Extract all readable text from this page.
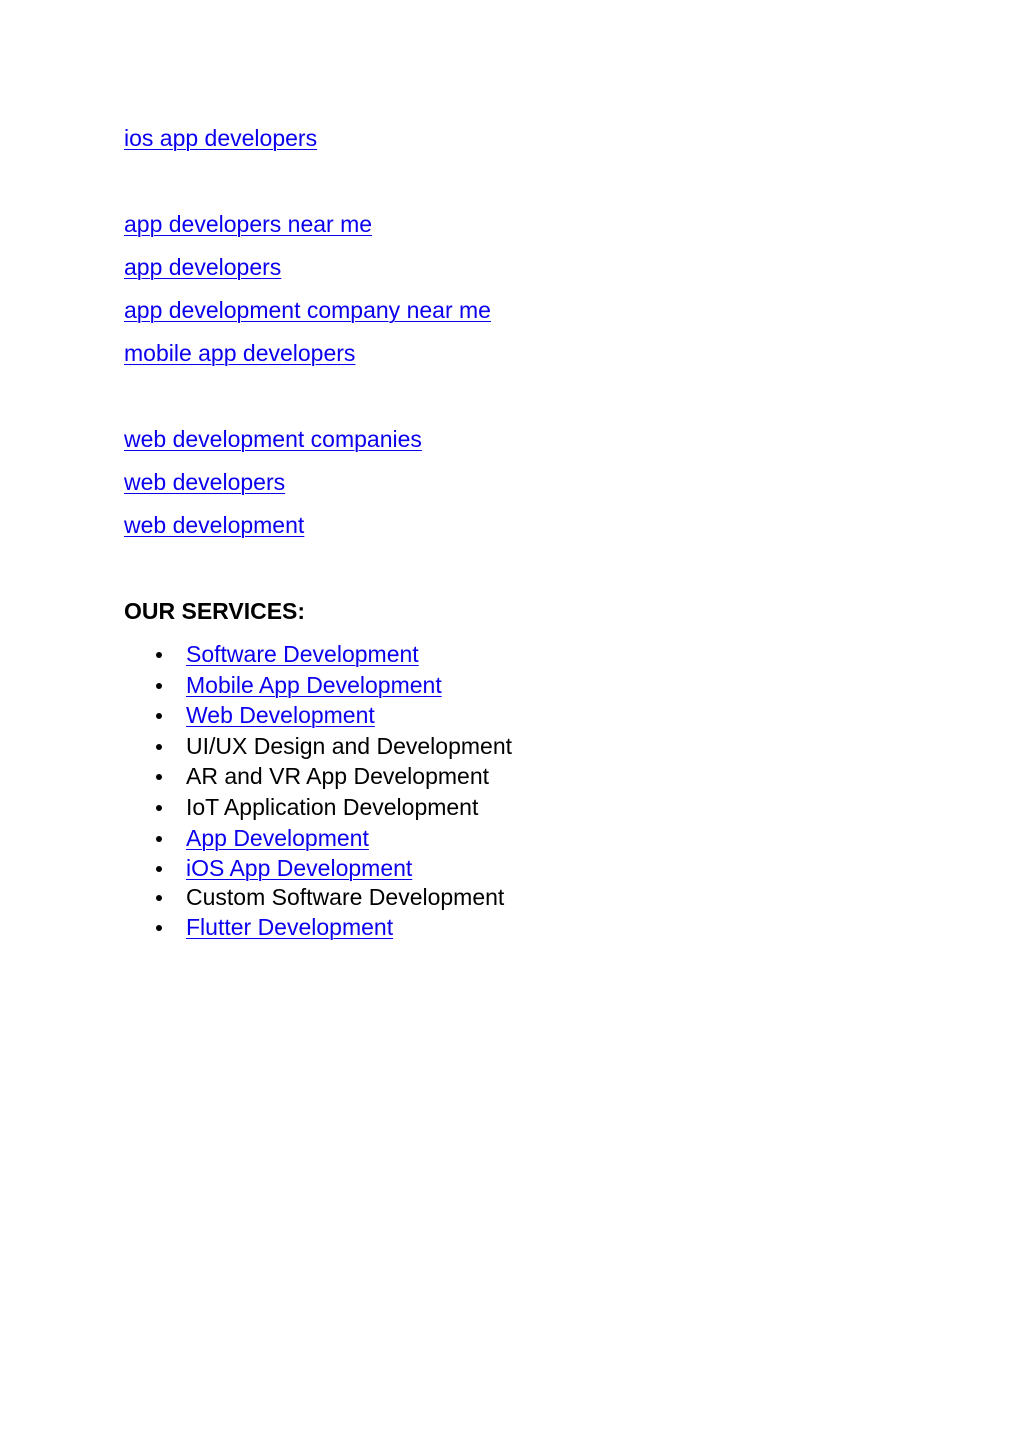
ios app developers
app developers near me
app developers
app development company near me
mobile app developers
web development companies
web developers
web development
OUR SERVICES:
Software Development
Mobile App Development
Web Development
UI/UX Design and Development
AR and VR App Development
IoT Application Development
App Development
iOS App Development
Custom Software Development
Flutter Development
